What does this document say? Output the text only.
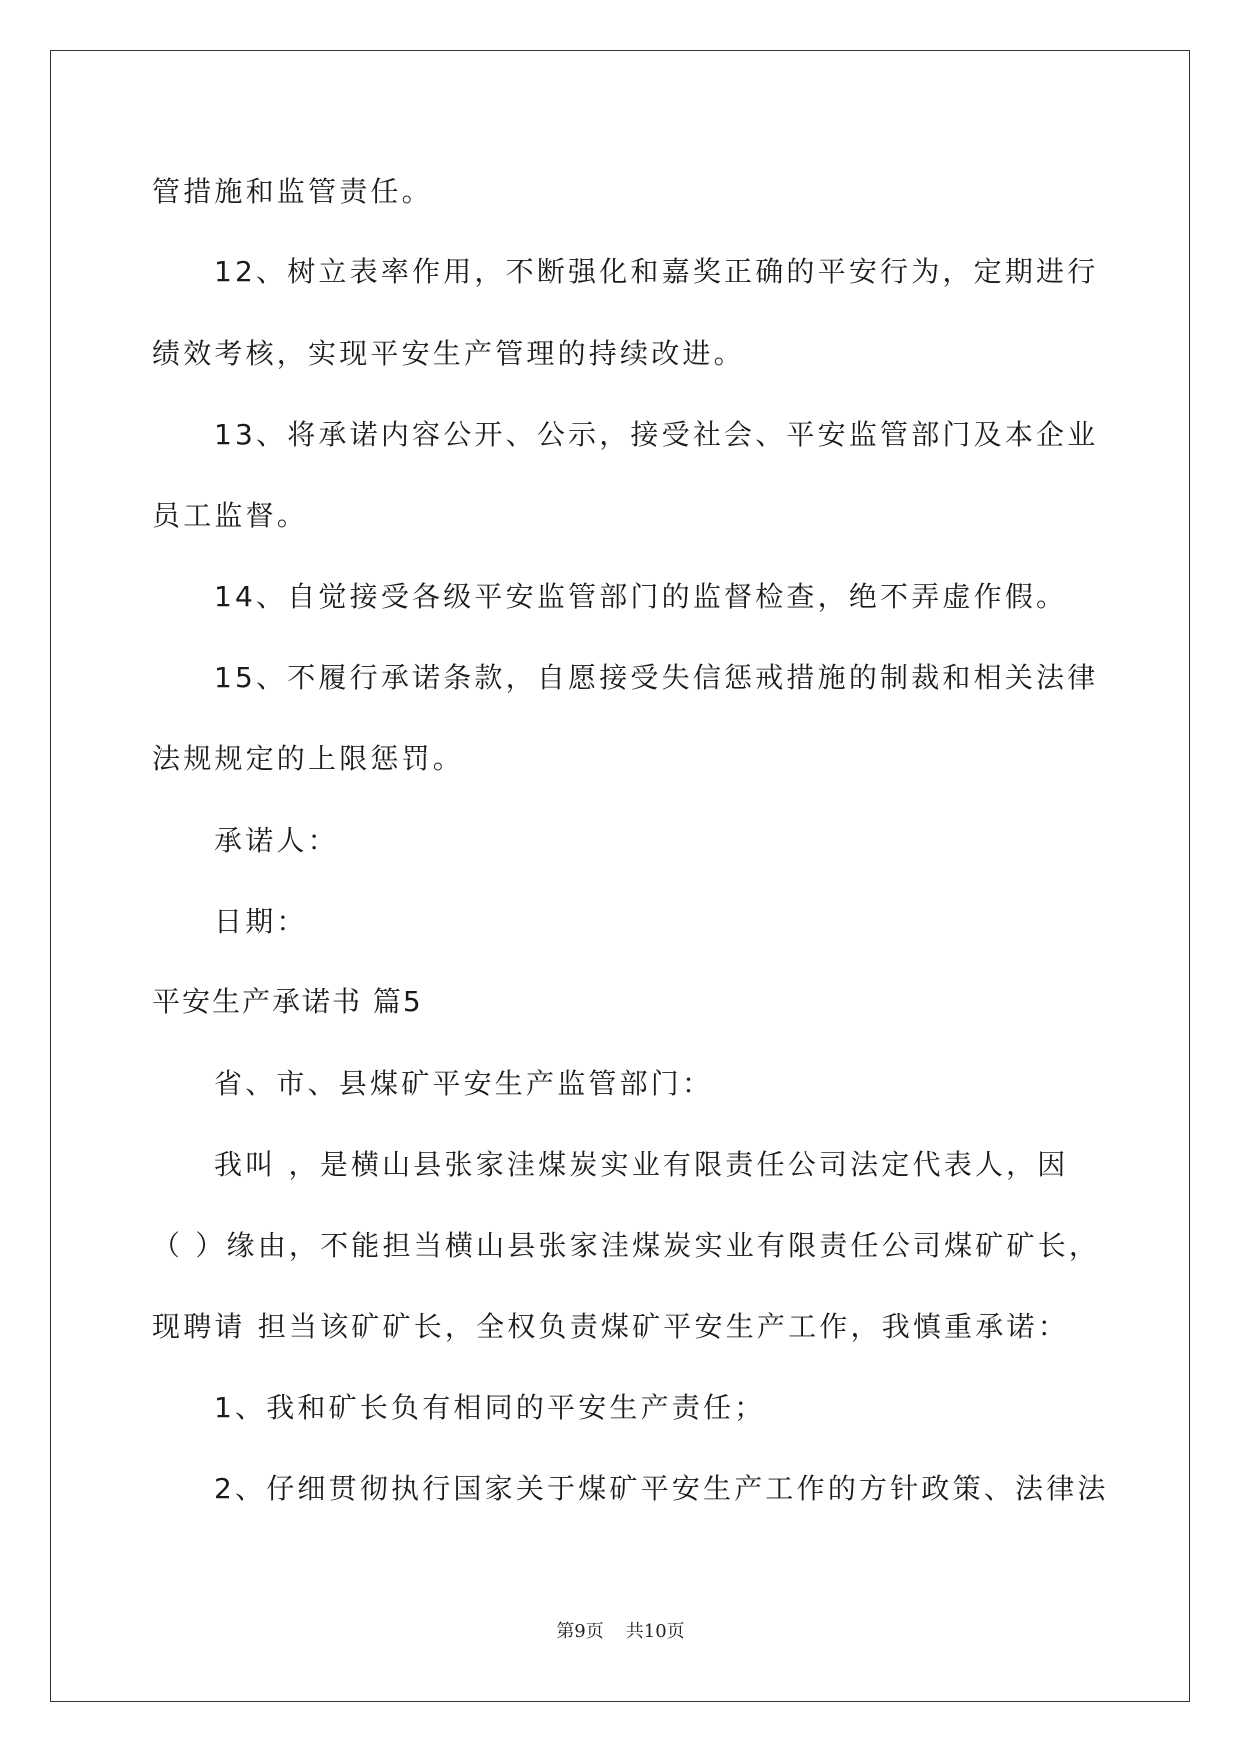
管措施和监管责任。
12、树立表率作用，不断强化和嘉奖正确的平安行为，定期进行
绩效考核，实现平安生产管理的持续改进。
13、将承诺内容公开、公示，接受社会、平安监管部门及本企业
员工监督。
14、自觉接受各级平安监管部门的监督检查，绝不弄虚作假。
15、不履行承诺条款，自愿接受失信惩戒措施的制裁和相关法律
法规规定的上限惩罚。
承诺人：
日期：
平安生产承诺书 篇5
省、市、县煤矿平安生产监管部门：
我叫 ，是横山县张家洼煤炭实业有限责任公司法定代表人，因
（ ）缘由，不能担当横山县张家洼煤炭实业有限责任公司煤矿矿长，
现聘请 担当该矿矿长，全权负责煤矿平安生产工作，我慎重承诺：
1、我和矿长负有相同的平安生产责任；
2、仔细贯彻执行国家关于煤矿平安生产工作的方针政策、法律法
第9页 共10页
